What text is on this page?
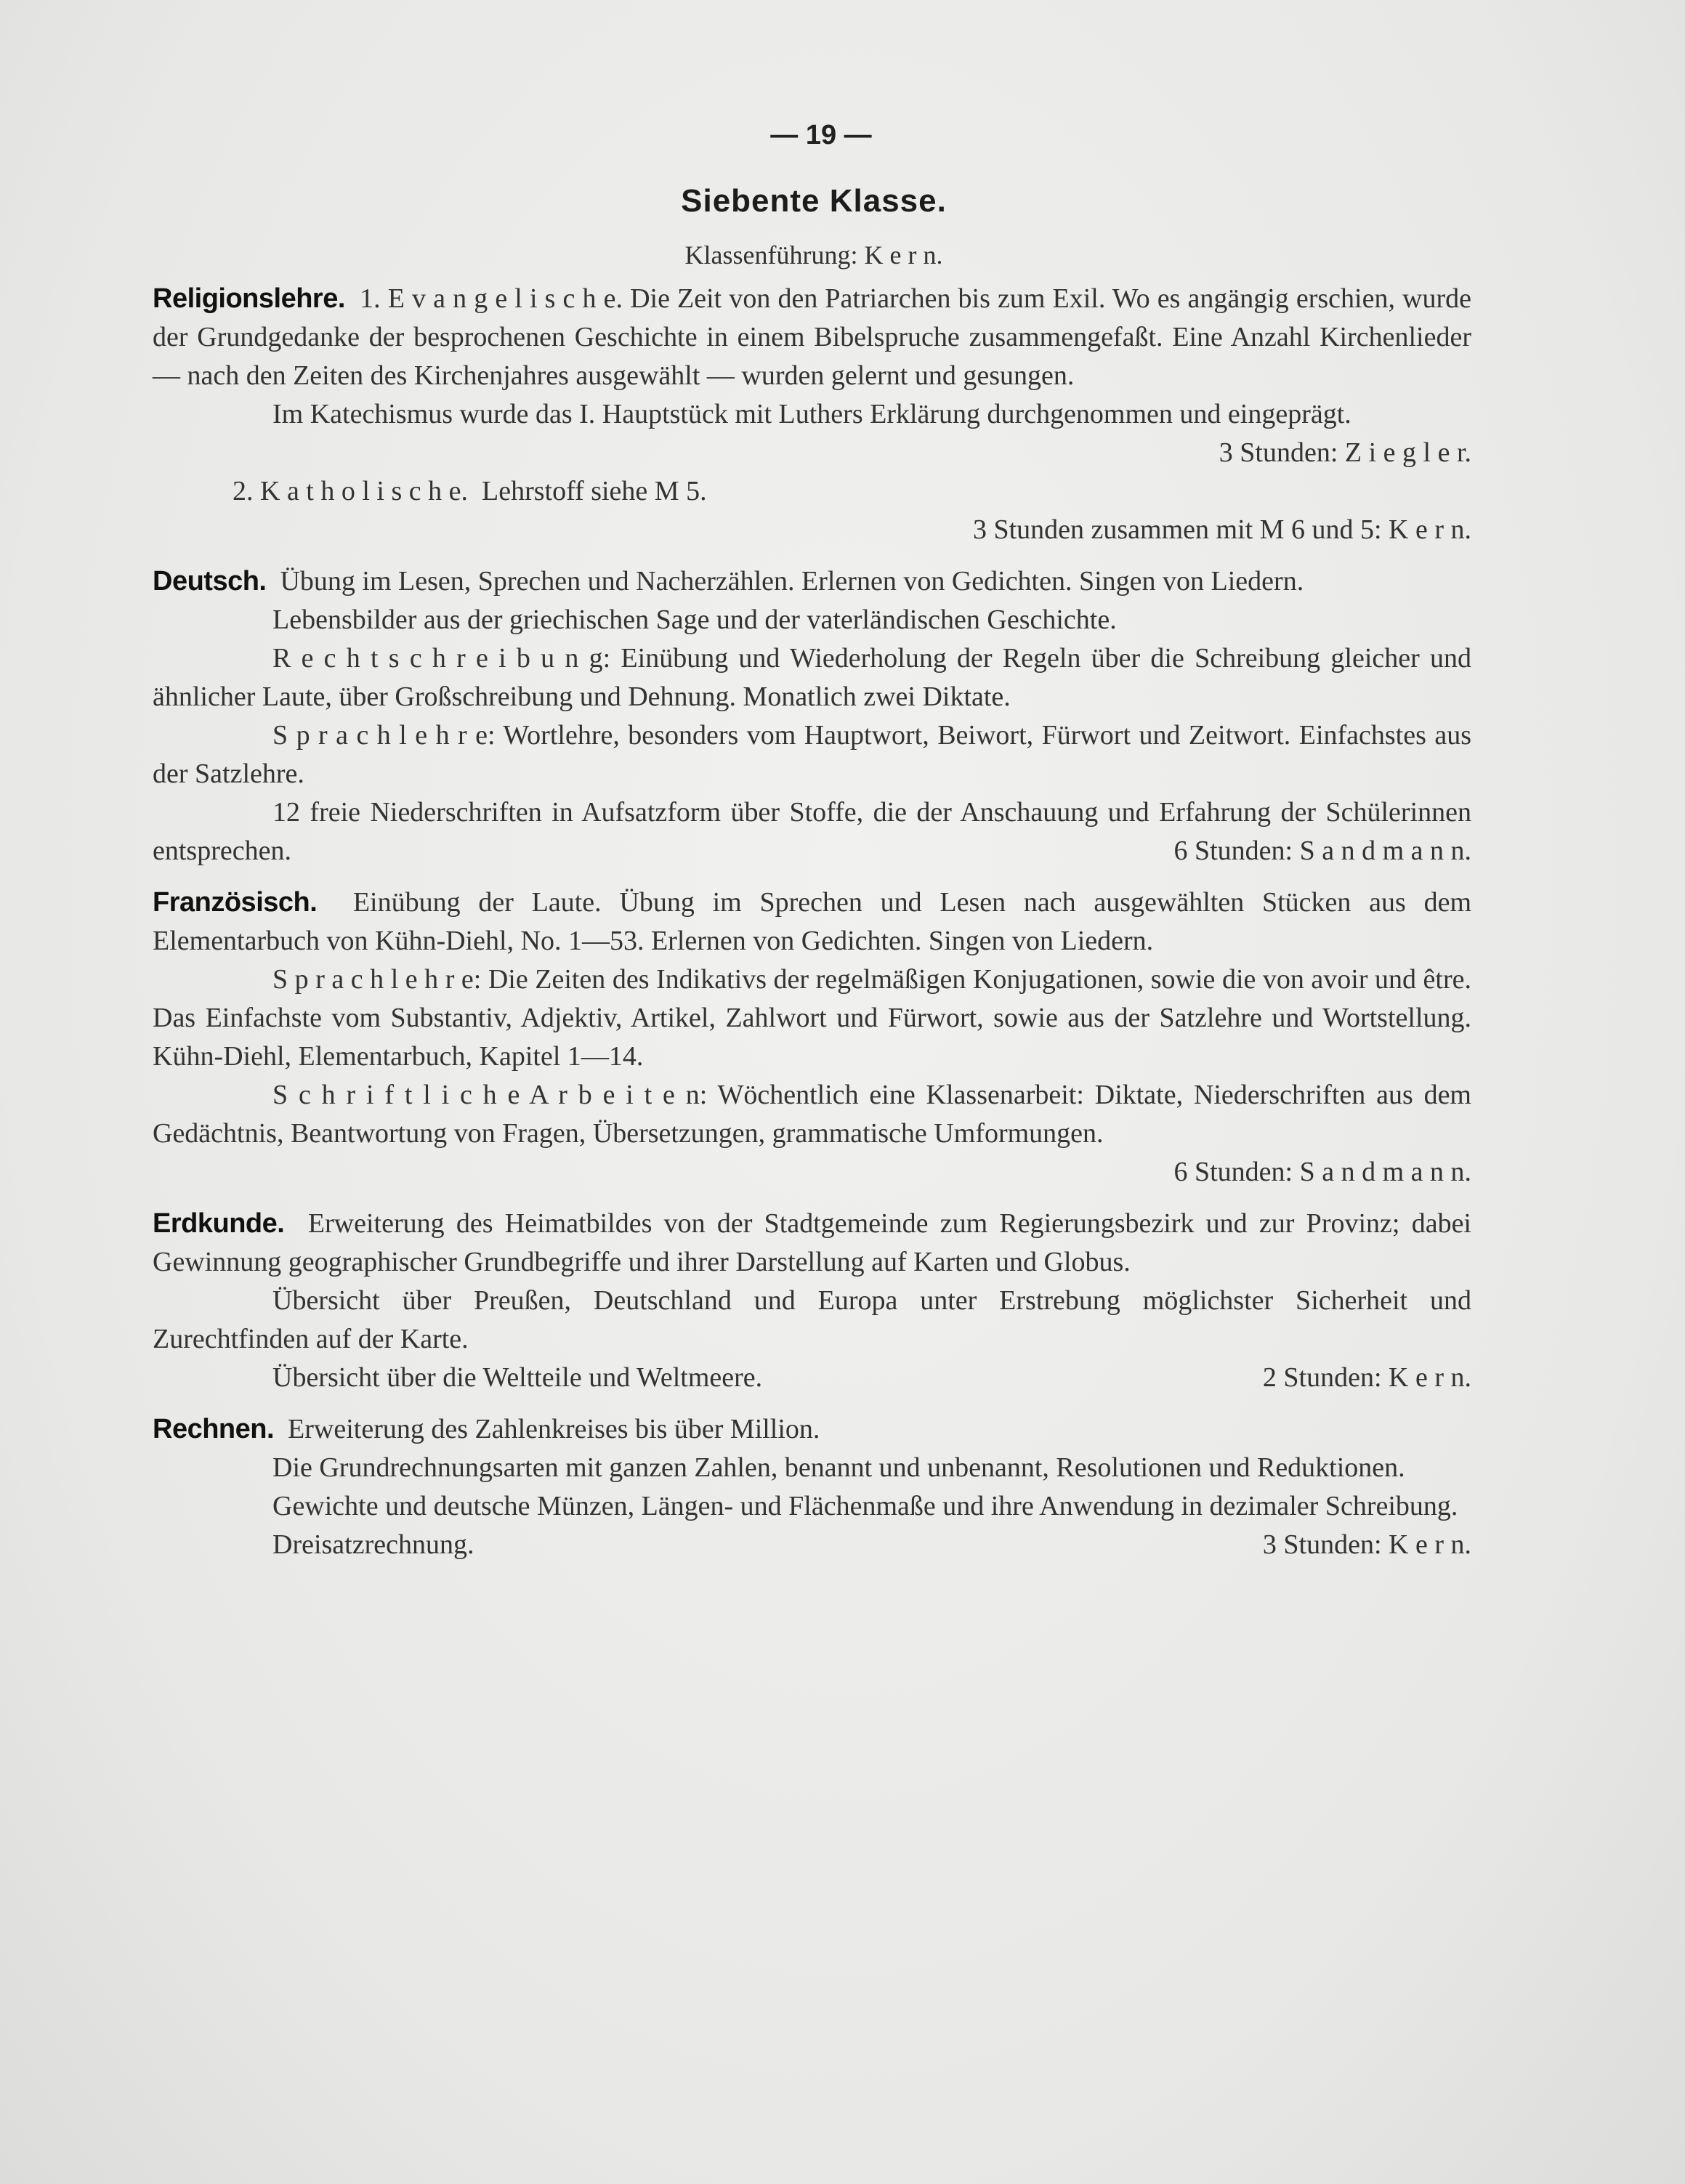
— 19 —
Siebente Klasse.
Klassenführung: K e r n.

Religionslehre. 1. E v a n g e l i s c h e. Die Zeit von den Patriarchen bis zum Exil. Wo es angängig erschien, wurde der Grundgedanke der besprochenen Geschichte in einem Bibelspruche zusammengefaßt. Eine Anzahl Kirchenlieder — nach den Zeiten des Kirchenjahres ausgewählt — wurden gelernt und gesungen.

Im Katechismus wurde das I. Hauptstück mit Luthers Erklärung durchgenommen und eingeprägt.
3 Stunden: Z i e g l e r.

2. K a t h o l i s c h e. Lehrstoff siehe M 5.

3 Stunden zusammen mit M 6 und 5: K e r n.

Deutsch. Übung im Lesen, Sprechen und Nacherzählen. Erlernen von Gedichten. Singen von Liedern.

Lebensbilder aus der griechischen Sage und der vaterländischen Geschichte.

R e c h t s c h r e i b u n g: Einübung und Wiederholung der Regeln über die Schreibung gleicher und ähnlicher Laute, über Großschreibung und Dehnung. Monatlich zwei Diktate.

S p r a c h l e h r e: Wortlehre, besonders vom Hauptwort, Beiwort, Fürwort und Zeitwort. Einfachstes aus der Satzlehre.

12 freie Niederschriften in Aufsatzform über Stoffe, die der Anschauung und Erfahrung der Schülerinnen entsprechen.	6 Stunden: S a n d m a n n.

Französisch. Einübung der Laute. Übung im Sprechen und Lesen nach ausgewählten Stücken aus dem Elementarbuch von Kühn-Diehl, No. 1—53. Erlernen von Gedichten. Singen von Liedern.

S p r a c h l e h r e: Die Zeiten des Indikativs der regelmäßigen Konjugationen, sowie die von avoir und être. Das Einfachste vom Substantiv, Adjektiv, Artikel, Zahlwort und Fürwort, sowie aus der Satzlehre und Wortstellung. Kühn-Diehl, Elementarbuch, Kapitel 1—14.

S c h r i f t l i c h e A r b e i t e n: Wöchentlich eine Klassenarbeit: Diktate, Niederschriften aus dem Gedächtnis, Beantwortung von Fragen, Übersetzungen, grammatische Umformungen.
6 Stunden: S a n d m a n n.

Erdkunde. Erweiterung des Heimatbildes von der Stadtgemeinde zum Regierungsbezirk und zur Provinz; dabei Gewinnung geographischer Grundbegriffe und ihrer Darstellung auf Karten und Globus.

Übersicht über Preußen, Deutschland und Europa unter Erstrebung möglichster Sicherheit und Zurechtfinden auf der Karte.

Übersicht über die Weltteile und Weltmeere.	2 Stunden: K e r n.

Rechnen. Erweiterung des Zahlenkreises bis über Million.

Die Grundrechnungsarten mit ganzen Zahlen, benannt und unbenannt, Resolutionen und Reduktionen.

Gewichte und deutsche Münzen, Längen- und Flächenmaße und ihre Anwendung in dezimaler Schreibung.

Dreisatzrechnung.	3 Stunden: K e r n.
